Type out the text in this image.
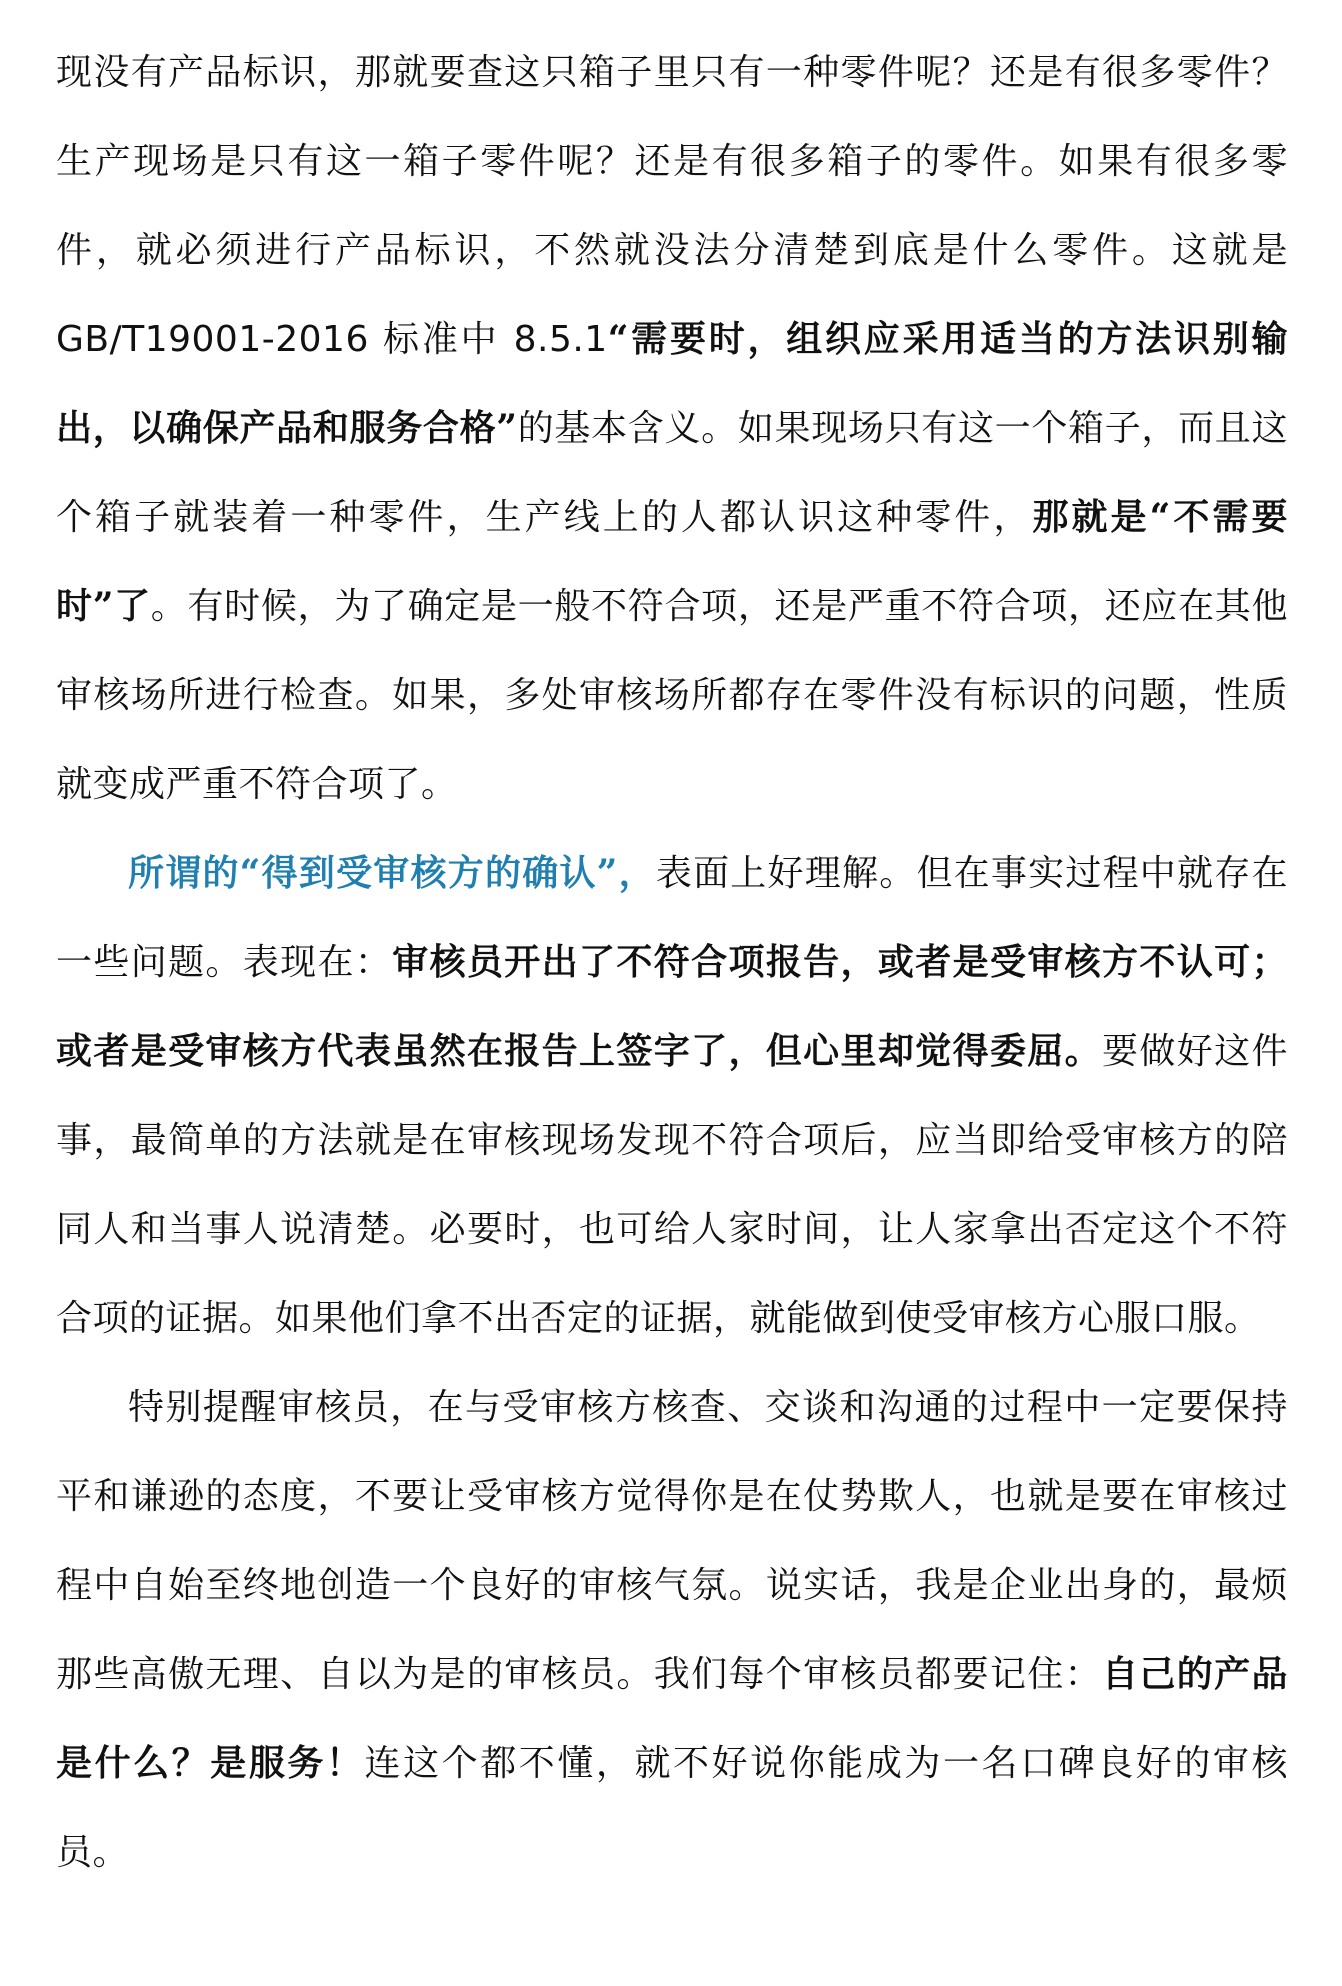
现没有产品标识，那就要查这只箱子里只有一种零件呢？还是有很多零件？生产现场是只有这一箱子零件呢？还是有很多箱子的零件。如果有很多零件，就必须进行产品标识，不然就没法分清楚到底是什么零件。这就是GB/T19001-2016 标准中 8.5.1“需要时，组织应采用适当的方法识别输出，以确保产品和服务合格”的基本含义。如果现场只有这一个箱子，而且这个箱子就装着一种零件，生产线上的人都认识这种零件，那就是“不需要时”了。有时候，为了确定是一般不符合项，还是严重不符合项，还应在其他审核场所进行检查。如果，多处审核场所都存在零件没有标识的问题，性质就变成严重不符合项了。

所谓的“得到受审核方的确认”，表面上好理解。但在事实过程中就存在一些问题。表现在：审核员开出了不符合项报告，或者是受审核方不认可；或者是受审核方代表虽然在报告上签字了，但心里却觉得委屈。要做好这件事，最简单的方法就是在审核现场发现不符合项后，应当即给受审核方的陪同人和当事人说清楚。必要时，也可给人家时间，让人家拿出否定这个不符合项的证据。如果他们拿不出否定的证据，就能做到使受审核方心服口服。

特别提醒审核员，在与受审核方核查、交谈和沟通的过程中一定要保持平和谦逊的态度，不要让受审核方觉得你是在仗势欺人，也就是要在审核过程中自始至终地创造一个良好的审核气氛。说实话，我是企业出身的，最烦那些高傲无理、自以为是的审核员。我们每个审核员都要记住：自己的产品是什么？是服务！连这个都不懂，就不好说你能成为一名口碑良好的审核员。
